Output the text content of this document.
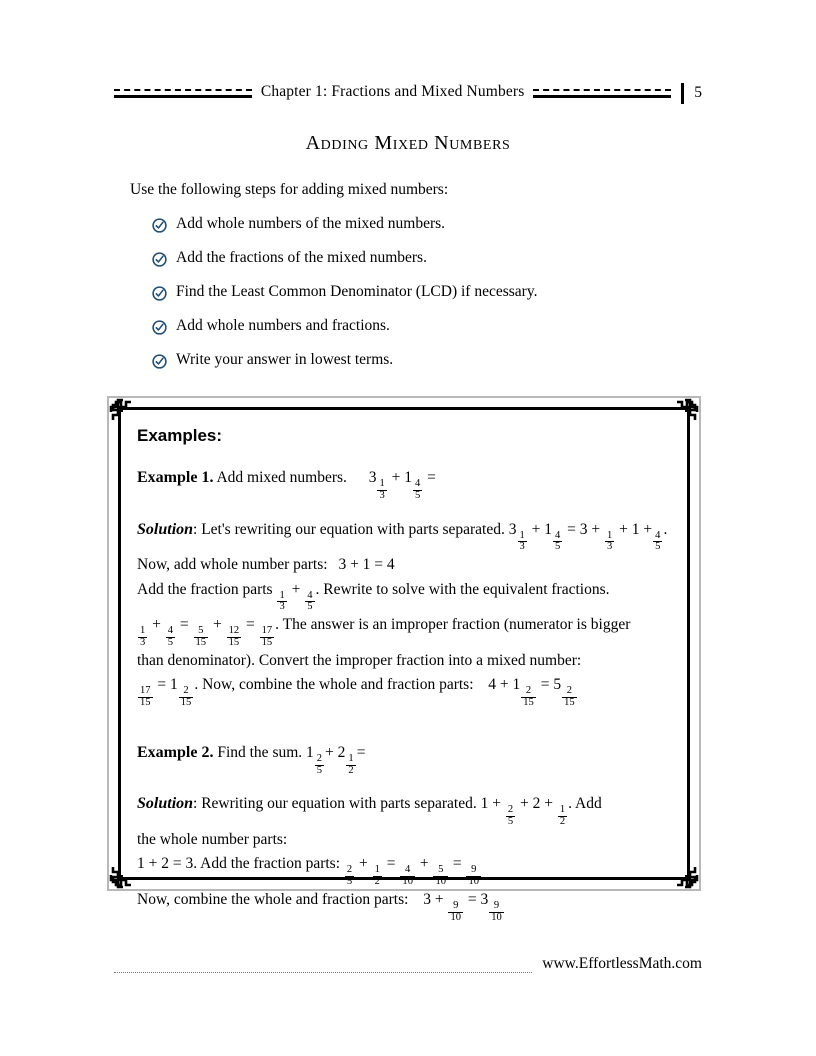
Chapter 1: Fractions and Mixed Numbers	5
Adding Mixed Numbers
Use the following steps for adding mixed numbers:
Add whole numbers of the mixed numbers.
Add the fractions of the mixed numbers.
Find the Least Common Denominator (LCD) if necessary.
Add whole numbers and fractions.
Write your answer in lowest terms.
Examples:
Example 1. Add mixed numbers. 3
$\frac{1}{3}$
+ 1
$\frac{4}{5}$
=
Solution: Let's rewriting our equation with parts separated. 3
$\frac{1}{3}$
+ 1
$\frac{4}{5}$
= 3 +
$\frac{1}{3}$
+ 1 +
$\frac{4}{5}$
. Now, add whole number parts: 3 + 1 = 4
Add the fraction parts
$\frac{1}{3}$
+
$\frac{4}{5}$
. Rewrite to solve with the equivalent fractions.
$\frac{1}{3}$
+
$\frac{4}{5}$
=
$\frac{5}{15}$
+
$\frac{12}{15}$
=
$\frac{17}{15}$
. The answer is an improper fraction (numerator is bigger
than denominator). Convert the improper fraction into a mixed number:
$\frac{17}{15}$
= 1
$\frac{2}{15}$
. Now, combine the whole and fraction parts: 4 + 1
$\frac{2}{15}$
= 5
$\frac{2}{15}$
Example 2. Find the sum. 1
$\frac{2}{5}$
+ 2
$\frac{1}{2}$
=
Solution: Rewriting our equation with parts separated. 1 +
$\frac{2}{5}$
+ 2 +
$\frac{1}{2}$
. Add
the whole number parts:
1 + 2 = 3. Add the fraction parts:
$\frac{2}{5}$
+
$\frac{1}{2}$
=
$\frac{4}{10}$
+
$\frac{5}{10}$
=
$\frac{9}{10}$
Now, combine the whole and fraction parts: 3 +
$\frac{9}{10}$
= 3
$\frac{9}{10}$
www.EffortlessMath.com
